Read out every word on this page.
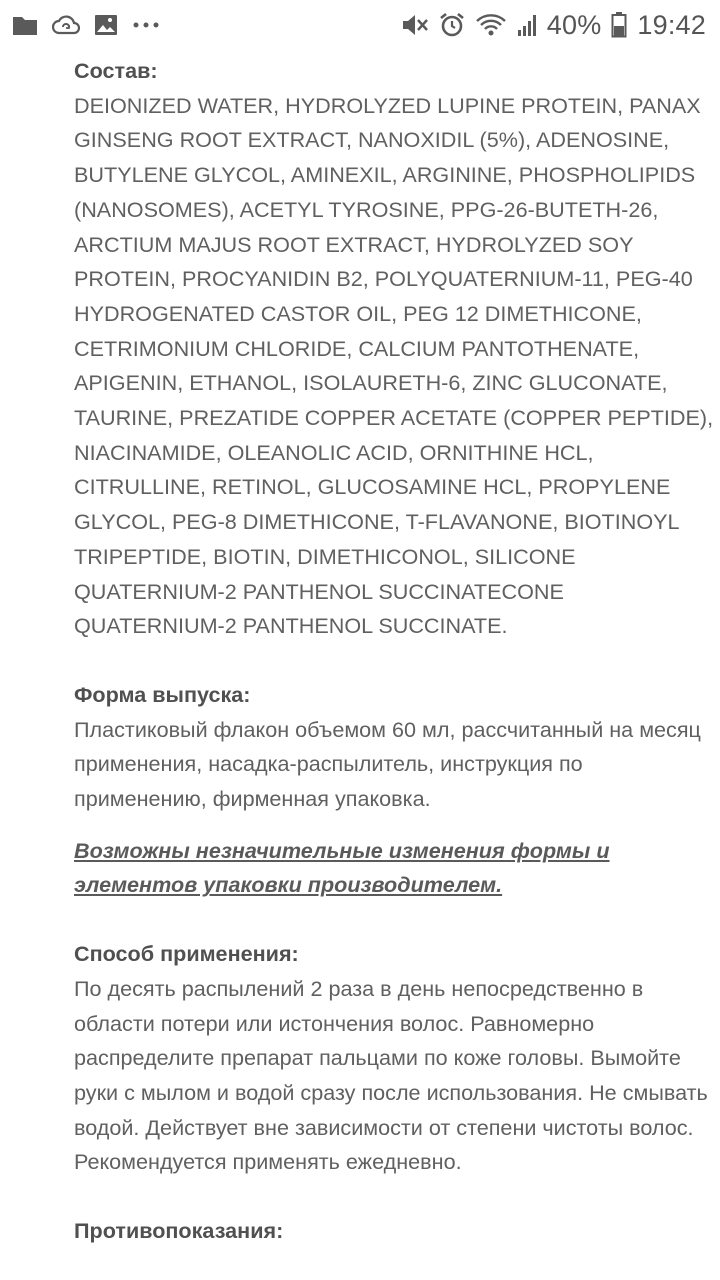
40% 19:42
Состав:
DEIONIZED WATER, HYDROLYZED LUPINE PROTEIN, PANAX GINSENG ROOT EXTRACT, NANOXIDIL (5%), ADENOSINE, BUTYLENE GLYCOL, AMINEXIL, ARGININE, PHOSPHOLIPIDS (NANOSOMES), ACETYL TYROSINE, PPG-26-BUTETH-26, ARCTIUM MAJUS ROOT EXTRACT, HYDROLYZED SOY PROTEIN, PROCYANIDIN B2, POLYQUATERNIUM-11, PEG-40 HYDROGENATED CASTOR OIL, PEG 12 DIMETHICONE, CETRIMONIUM CHLORIDE, CALCIUM PANTOTHENATE, APIGENIN, ETHANOL, ISOLAURETH-6, ZINC GLUCONATE, TAURINE, PREZATIDE COPPER ACETATE (COPPER PEPTIDE), NIACINAMIDE, OLEANOLIC ACID, ORNITHINE HCL, CITRULLINE, RETINOL, GLUCOSAMINE HCL, PROPYLENE GLYCOL, PEG-8 DIMETHICONE, T-FLAVANONE, BIOTINOYL TRIPEPTIDE, BIOTIN, DIMETHICONOL, SILICONE QUATERNIUM-2 PANTHENOL SUCCINATECONE QUATERNIUM-2 PANTHENOL SUCCINATE.
Форма выпуска:
Пластиковый флакон объемом 60 мл, рассчитанный на месяц применения, насадка-распылитель, инструкция по применению, фирменная упаковка.
Возможны незначительные изменения формы и элементов упаковки производителем.
Способ применения:
По десять распылений 2 раза в день непосредственно в области потери или истончения волос. Равномерно распределите препарат пальцами по коже головы. Вымойте руки с мылом и водой сразу после использования. Не смывать водой. Действует вне зависимости от степени чистоты волос. Рекомендуется применять ежедневно.
Противопоказания:
